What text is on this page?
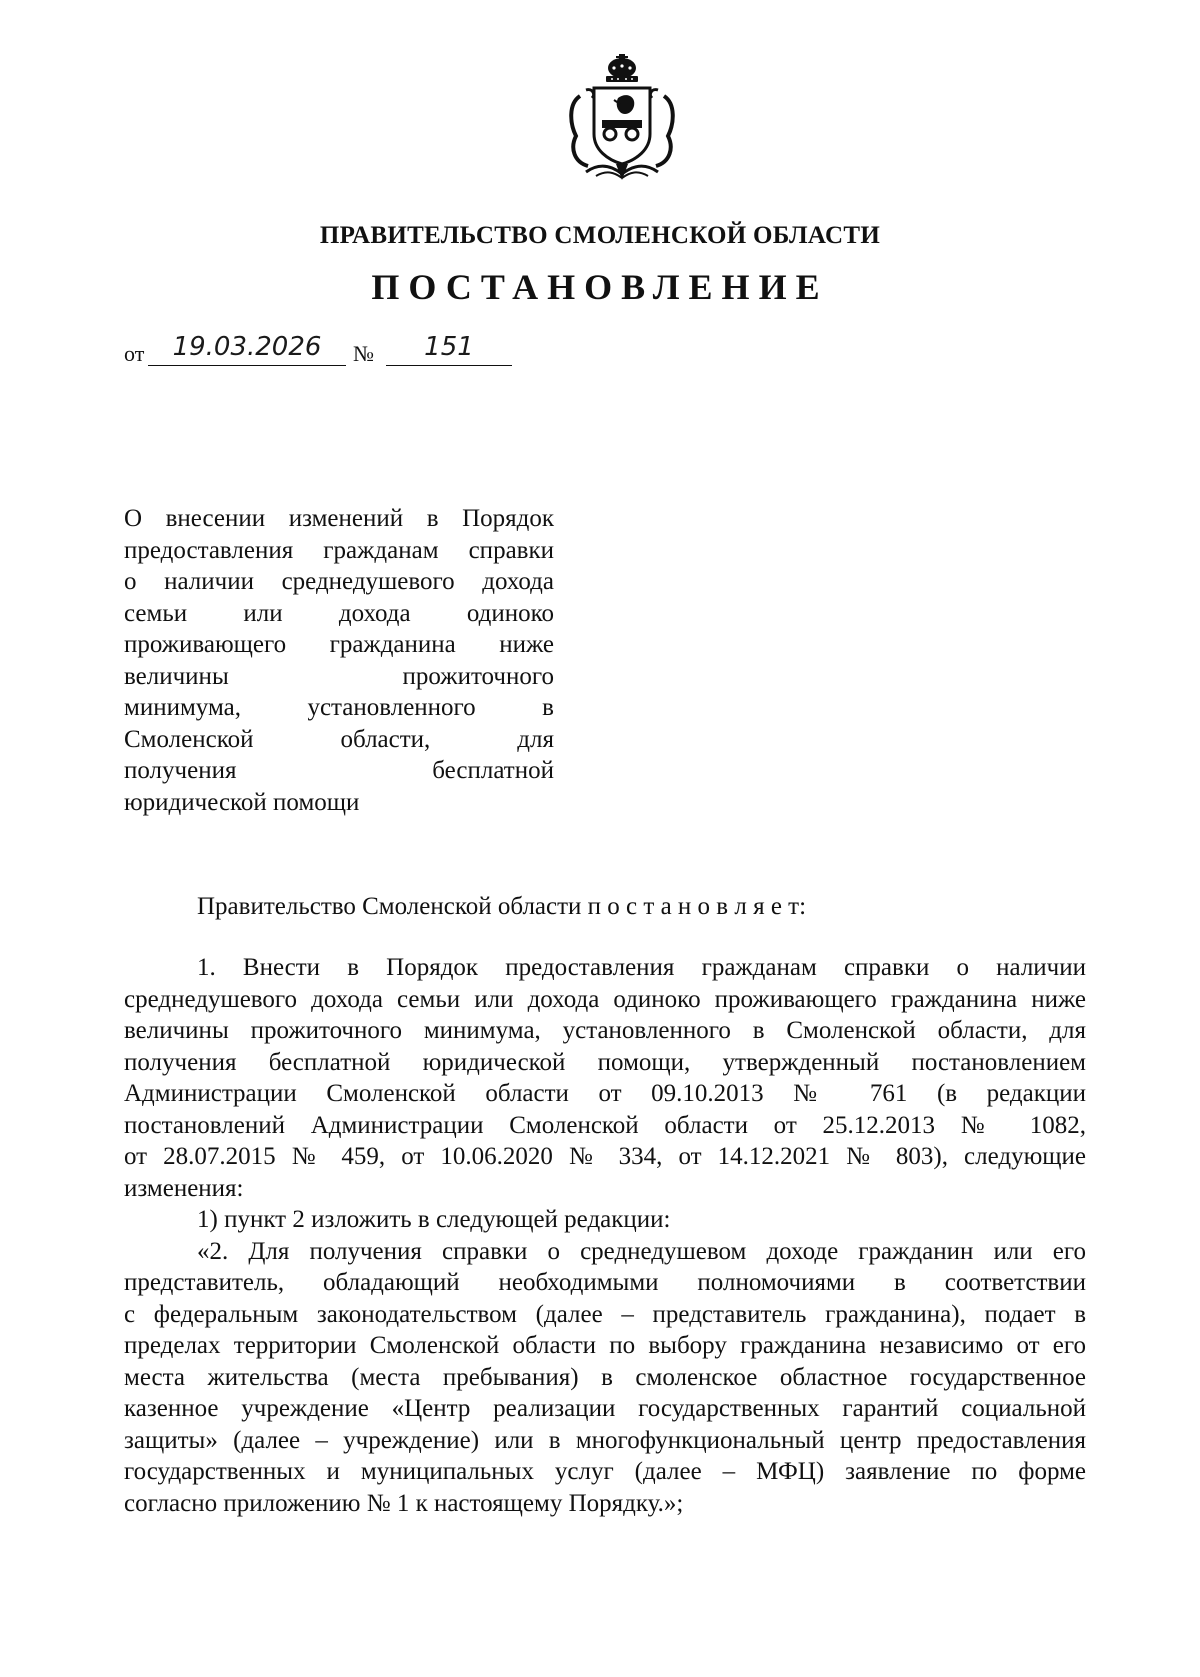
ПРАВИТЕЛЬСТВО СМОЛЕНСКОЙ ОБЛАСТИ
ПОСТАНОВЛЕНИЕ
от	19.03.2026	№	151
О внесении изменений в Порядок
предоставления гражданам справки
о наличии среднедушевого дохода
семьи или дохода одиноко
проживающего гражданина ниже
величины прожиточного
минимума, установленного в
Смоленской области, для
получения бесплатной
юридической помощи
Правительство Смоленской области п о с т а н о в л я е т:
1. Внести в Порядок предоставления гражданам справки о наличии
среднедушевого дохода семьи или дохода одиноко проживающего гражданина ниже
величины прожиточного минимума, установленного в Смоленской области, для
получения бесплатной юридической помощи, утвержденный постановлением
Администрации Смоленской области от 09.10.2013 № 761 (в редакции
постановлений Администрации Смоленской области от 25.12.2013 № 1082,
от 28.07.2015 № 459, от 10.06.2020 № 334, от 14.12.2021 № 803), следующие
изменения:
1) пункт 2 изложить в следующей редакции:
«2. Для получения справки о среднедушевом доходе гражданин или его
представитель, обладающий необходимыми полномочиями в соответствии
с федеральным законодательством (далее – представитель гражданина), подает в
пределах территории Смоленской области по выбору гражданина независимо от его
места жительства (места пребывания) в смоленское областное государственное
казенное учреждение «Центр реализации государственных гарантий социальной
защиты» (далее – учреждение) или в многофункциональный центр предоставления
государственных и муниципальных услуг (далее – МФЦ) заявление по форме
согласно приложению № 1 к настоящему Порядку.»;
